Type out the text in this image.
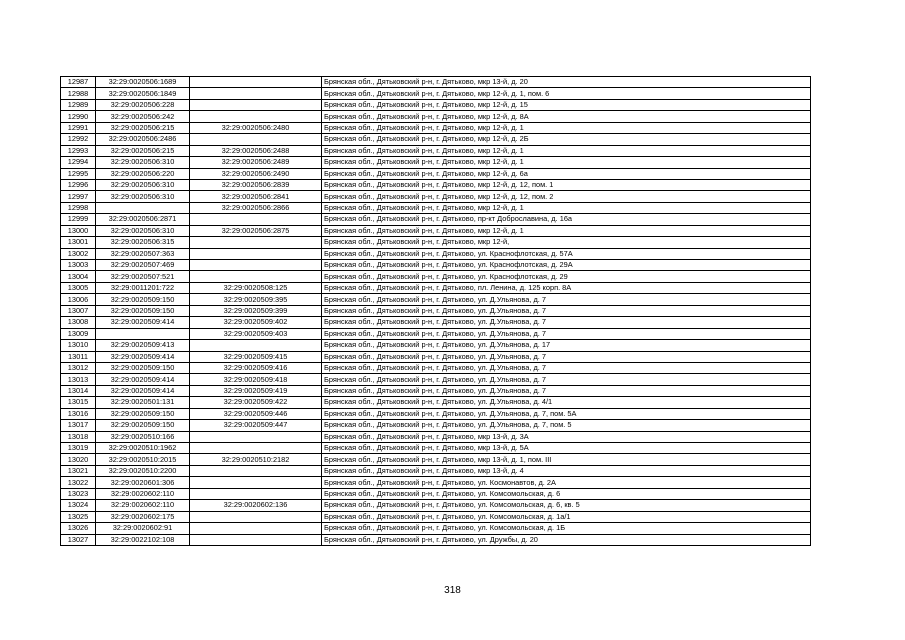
12987	32:29:0020506:1689		Брянская обл., Дятьковский р-н, г. Дятьково, мкр 13-й, д. 20
12988	32:29:0020506:1849		Брянская обл., Дятьковский р-н, г. Дятьково, мкр 12-й, д. 1, пом. 6
12989	32:29:0020506:228		Брянская обл., Дятьковский р-н, г. Дятьково, мкр 12-й, д. 15
12990	32:29:0020506:242		Брянская обл., Дятьковский р-н, г. Дятьково, мкр 12-й, д. 8А
12991	32:29:0020506:215	32:29:0020506:2480	Брянская обл., Дятьковский р-н, г. Дятьково, мкр 12-й, д. 1
12992	32:29:0020506:2486		Брянская обл., Дятьковский р-н, г. Дятьково, мкр 12-й, д. 2Б
12993	32:29:0020506:215	32:29:0020506:2488	Брянская обл., Дятьковский р-н, г. Дятьково, мкр 12-й, д. 1
12994	32:29:0020506:310	32:29:0020506:2489	Брянская обл., Дятьковский р-н, г. Дятьково, мкр 12-й, д. 1
12995	32:29:0020506:220	32:29:0020506:2490	Брянская обл., Дятьковский р-н, г. Дятьково, мкр 12-й, д. 6а
12996	32:29:0020506:310	32:29:0020506:2839	Брянская обл., Дятьковский р-н, г. Дятьково, мкр 12-й, д. 12, пом. 1
12997	32:29:0020506:310	32:29:0020506:2841	Брянская обл., Дятьковский р-н, г. Дятьково, мкр 12-й, д. 12, пом. 2
12998		32:29:0020506:2866	Брянская обл., Дятьковский р-н, г. Дятьково, мкр 12-й, д. 1
12999	32:29:0020506:2871		Брянская обл., Дятьковский р-н, г. Дятьково, пр-кт Доброславина, д. 16а
13000	32:29:0020506:310	32:29:0020506:2875	Брянская обл., Дятьковский р-н, г. Дятьково, мкр 12-й, д. 1
13001	32:29:0020506:315		Брянская обл., Дятьковский р-н, г. Дятьково, мкр 12-й,
13002	32:29:0020507:363		Брянская обл., Дятьковский р-н, г. Дятьково, ул. Краснофлотская, д. 57А
13003	32:29:0020507:469		Брянская обл., Дятьковский р-н, г. Дятьково, ул. Краснофлотская, д. 29А
13004	32:29:0020507:521		Брянская обл., Дятьковский р-н, г. Дятьково, ул. Краснофлотская, д. 29
13005	32:29:0011201:722	32:29:0020508:125	Брянская обл., Дятьковский р-н, г. Дятьково, пл. Ленина, д. 125 корп. 8А
13006	32:29:0020509:150	32:29:0020509:395	Брянская обл., Дятьковский р-н, г. Дятьково, ул. Д.Ульянова, д. 7
13007	32:29:0020509:150	32:29:0020509:399	Брянская обл., Дятьковский р-н, г. Дятьково, ул. Д.Ульянова, д. 7
13008	32:29:0020509:414	32:29:0020509:402	Брянская обл., Дятьковский р-н, г. Дятьково, ул. Д.Ульянова, д. 7
13009		32:29:0020509:403	Брянская обл., Дятьковский р-н, г. Дятьково, ул. Д.Ульянова, д. 7
13010	32:29:0020509:413		Брянская обл., Дятьковский р-н, г. Дятьково, ул. Д.Ульянова, д. 17
13011	32:29:0020509:414	32:29:0020509:415	Брянская обл., Дятьковский р-н, г. Дятьково, ул. Д.Ульянова, д. 7
13012	32:29:0020509:150	32:29:0020509:416	Брянская обл., Дятьковский р-н, г. Дятьково, ул. Д.Ульянова, д. 7
13013	32:29:0020509:414	32:29:0020509:418	Брянская обл., Дятьковский р-н, г. Дятьково, ул. Д.Ульянова, д. 7
13014	32:29:0020509:414	32:29:0020509:419	Брянская обл., Дятьковский р-н, г. Дятьково, ул. Д.Ульянова, д. 7
13015	32:29:0020501:131	32:29:0020509:422	Брянская обл., Дятьковский р-н, г. Дятьково, ул. Д.Ульянова, д. 4/1
13016	32:29:0020509:150	32:29:0020509:446	Брянская обл., Дятьковский р-н, г. Дятьково, ул. Д.Ульянова, д. 7, пом. 5А
13017	32:29:0020509:150	32:29:0020509:447	Брянская обл., Дятьковский р-н, г. Дятьково, ул. Д.Ульянова, д. 7, пом. 5
13018	32:29:0020510:166		Брянская обл., Дятьковский р-н, г. Дятьково, мкр 13-й, д. 3А
13019	32:29:0020510:1962		Брянская обл., Дятьковский р-н, г. Дятьково, мкр 13-й, д. 5А
13020	32:29:0020510:2015	32:29:0020510:2182	Брянская обл., Дятьковский р-н, г. Дятьково, мкр 13-й, д. 1, пом. III
13021	32:29:0020510:2200		Брянская обл., Дятьковский р-н, г. Дятьково, мкр 13-й, д. 4
13022	32:29:0020601:306		Брянская обл., Дятьковский р-н, г. Дятьково, ул. Космонавтов, д. 2А
13023	32:29:0020602:110		Брянская обл., Дятьковский р-н, г. Дятьково, ул. Комсомольская, д. 6
13024	32:29:0020602:110	32:29:0020602:136	Брянская обл., Дятьковский р-н, г. Дятьково, ул. Комсомольская, д. 6, кв. 5
13025	32:29:0020602:175		Брянская обл., Дятьковский р-н, г. Дятьково, ул. Комсомольская, д. 1а/1
13026	32:29:0020602:91		Брянская обл., Дятьковский р-н, г. Дятьково, ул. Комсомольская, д. 1Б
13027	32:29:0022102:108		Брянская обл., Дятьковский р-н, г. Дятьково, ул. Дружбы, д. 20
318
